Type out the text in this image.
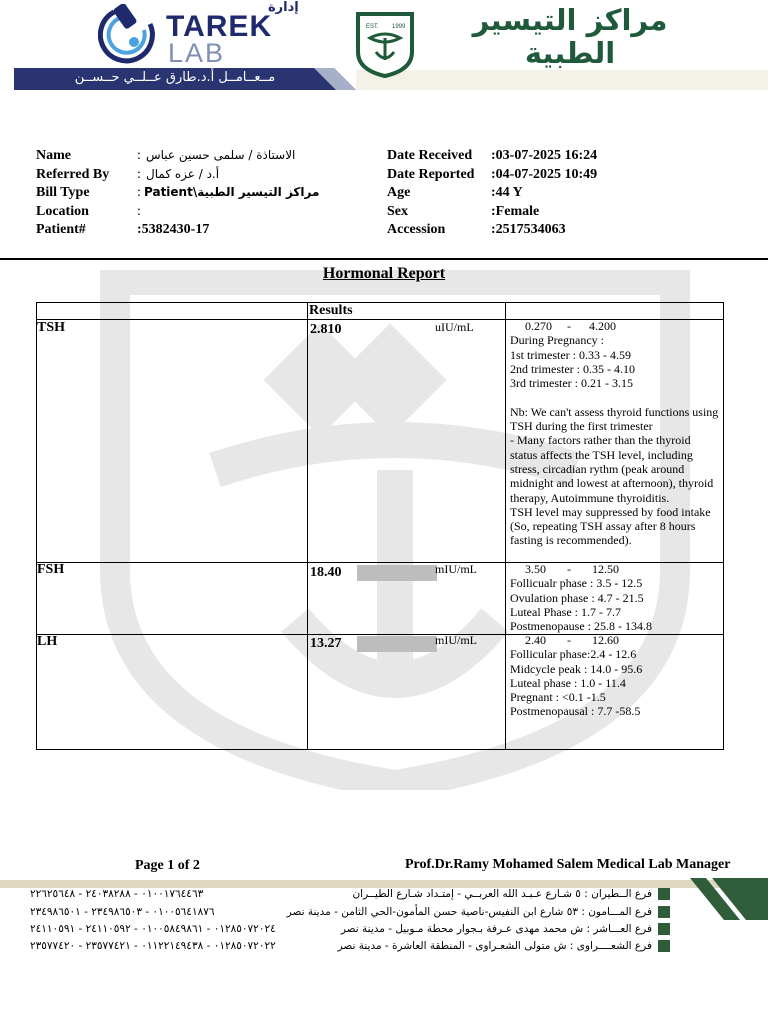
إدارة
TAREK
LAB
مــعــامــل أ.د.طارق عــلــي حــســن
EST. 1999	مراكز التيسير الطبية
Name	: الاستاذة / سلمى حسين عباس
Referred By : أ.د / عزه كمال
Bill Type	: Patient\مراكز التيسير الطبية
Location	:
Patient#	:5382430-17
Date Received :03-07-2025 16:24
Date Reported :04-07-2025 10:49
Age	:44 Y
Sex	:Female
Accession	:2517534063
Hormonal Report
Results
TSH	2.810	uIU/mL	0.270     -      4.200
During Pregnancy :
1st trimester : 0.33 - 4.59
2nd trimester : 0.35 - 4.10
3rd trimester : 0.21 - 3.15
Nb: We can't assess thyroid functions using TSH during the first trimester
- Many factors rather than the thyroid status affects the TSH level, including stress, circadian rythm (peak around midnight and lowest at afternoon), thyroid therapy, Autoimmune thyroiditis.
TSH level may suppressed by food intake (So, repeating TSH assay after 8 hours fasting is recommended).
FSH	18.40	mIU/mL	3.50       -       12.50
Follicualr phase : 3.5 - 12.5
Ovulation phase : 4.7 - 21.5
Luteal Phase : 1.7 - 7.7
Postmenopause : 25.8 - 134.8
LH	13.27	mIU/mL	2.40       -       12.60
Follicular phase:2.4 - 12.6
Midcycle peak : 14.0 - 95.6
Luteal phase : 1.0 - 11.4
Pregnant : <0.1 -1.5
Postmenopausal : 7.7 -58.5
Page 1 of 2	Prof.Dr.Ramy Mohamed Salem Medical Lab Manager
فرع الــطيران : ٥ شـارع عـبـد الله العربــي - إمتـداد شـارع الطيــران
٠١٠٠١٧٦٤٤٦٣ - ٢٤٠٣٨٢٨٨ - ٢٢٦٢٥٦٤٨
فرع المـــامون : ٥٣ شارع ابن النفيس-ناصية حسن المأمون-الحي الثامن - مدينة نصر
٠١٠٠٥٦٤١٨٧٦ - ٢٣٤٩٨٦٥٠٣ - ٢٣٤٩٨٦٥٠١
فرع العـــاشر : ش محمد مهدى عـرفة بـجوار محطة مـوبيل - مدينة نصر
٠١٢٨٥٠٧٢٠٢٤ - ٠١٠٠٥٨٤٩٨٦١ - ٢٤١١٠٥٩٢ - ٢٤١١٠٥٩١
فرع الشعــــراوى : ش متولى الشعـراوى - المنطقة العاشرة - مدينة نصر
٠١٢٨٥٠٧٢٠٢٢ - ٠١١٢٢١٤٩٤٣٨ - ٢٣٥٧٧٤٢١ - ٢٣٥٧٧٤٢٠
